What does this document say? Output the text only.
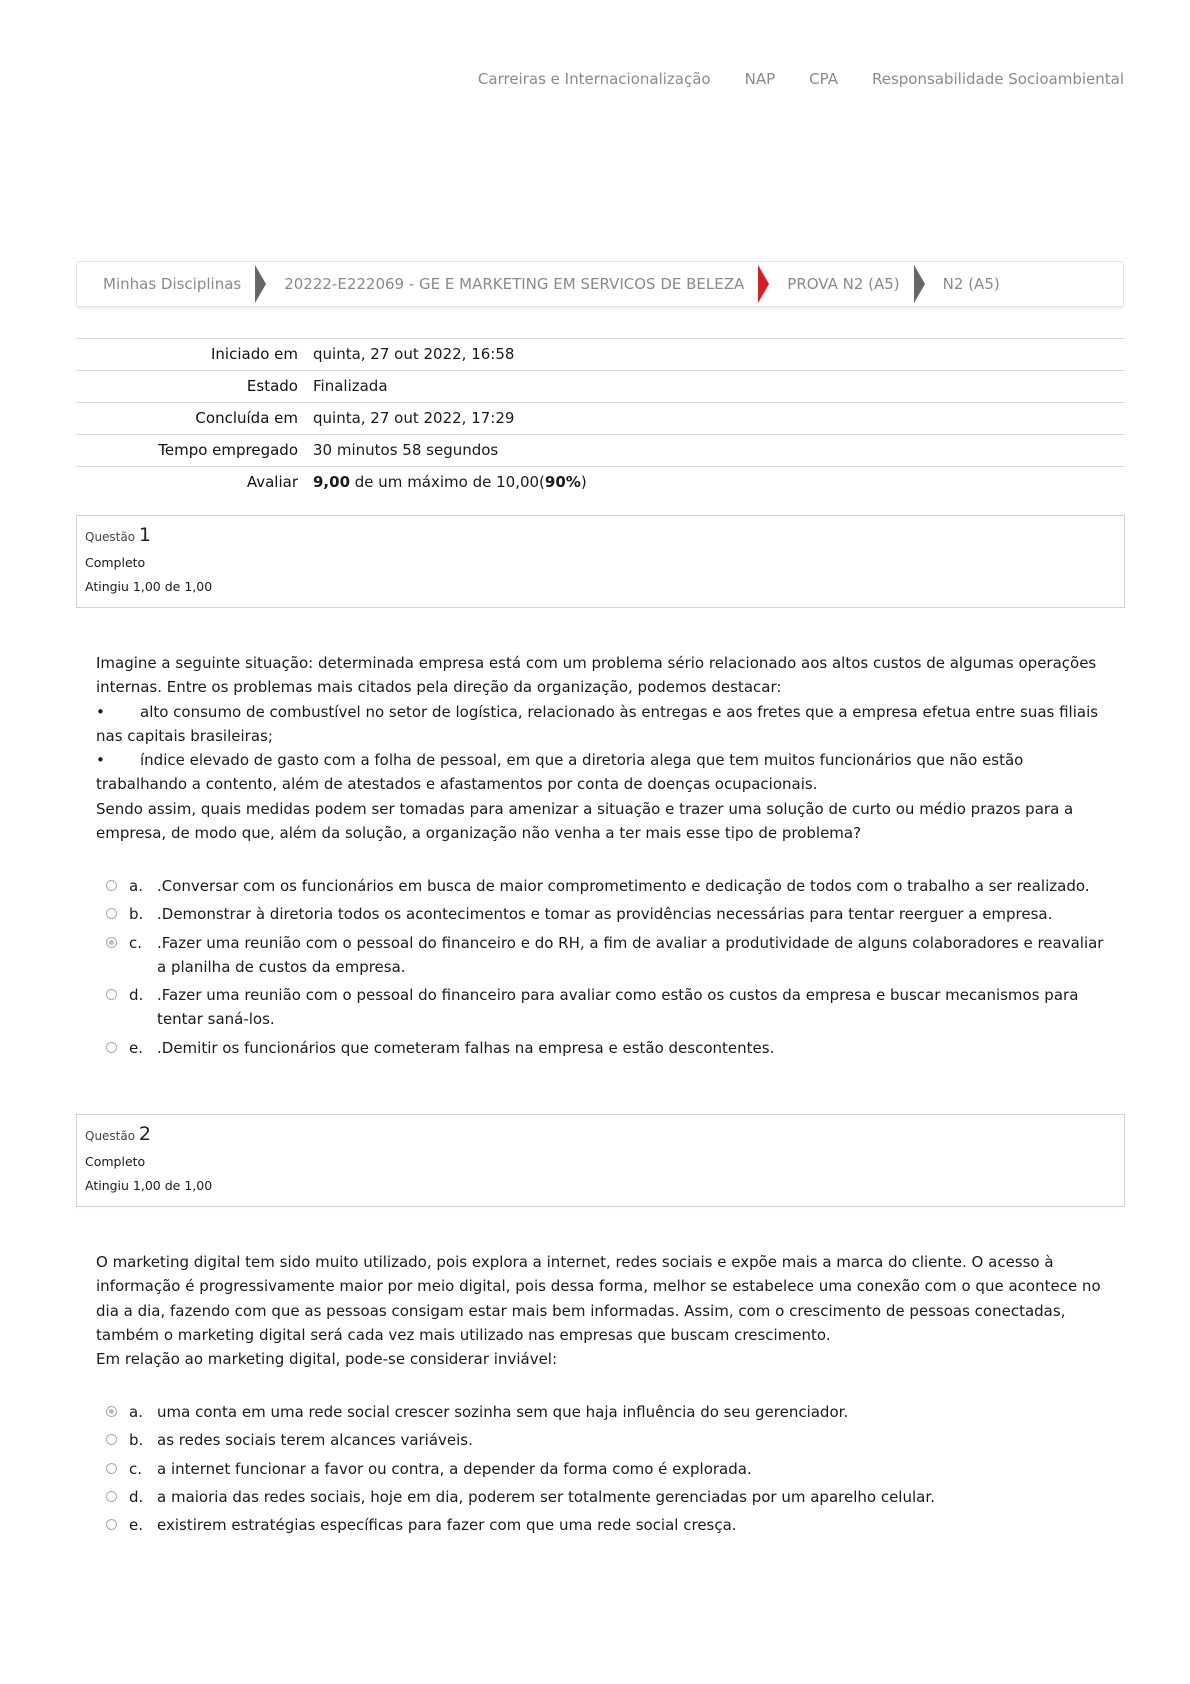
Carreiras e Internacionalização NAP CPA Responsabilidade Socioambiental
Minhas Disciplinas	20222-E222069 - GE E MARKETING EM SERVICOS DE BELEZA	PROVA N2 (A5)	N2 (A5)
Iniciado em	quinta, 27 out 2022, 16:58
Estado	Finalizada
Concluída em	quinta, 27 out 2022, 17:29
Tempo empregado	30 minutos 58 segundos
Avaliar	9,00 de um máximo de 10,00(90%)
Questão 1
Completo
Atingiu 1,00 de 1,00

Imagine a seguinte situação: determinada empresa está com um problema sério relacionado aos altos custos de algumas operações internas. Entre os problemas mais citados pela direção da organização, podemos destacar:

• alto consumo de combustível no setor de logística, relacionado às entregas e aos fretes que a empresa efetua entre suas filiais nas capitais brasileiras;

• índice elevado de gasto com a folha de pessoal, em que a diretoria alega que tem muitos funcionários que não estão trabalhando a contento, além de atestados e afastamentos por conta de doenças ocupacionais.

Sendo assim, quais medidas podem ser tomadas para amenizar a situação e trazer uma solução de curto ou médio prazos para a empresa, de modo que, além da solução, a organização não venha a ter mais esse tipo de problema?

a. .Conversar com os funcionários em busca de maior comprometimento e dedicação de todos com o trabalho a ser realizado.
b. .Demonstrar à diretoria todos os acontecimentos e tomar as providências necessárias para tentar reerguer a empresa.
c. .Fazer uma reunião com o pessoal do financeiro e do RH, a fim de avaliar a produtividade de alguns colaboradores e reavaliar a planilha de custos da empresa.
d. .Fazer uma reunião com o pessoal do financeiro para avaliar como estão os custos da empresa e buscar mecanismos para tentar saná-los.
e. .Demitir os funcionários que cometeram falhas na empresa e estão descontentes.
Questão 2
Completo
Atingiu 1,00 de 1,00

O marketing digital tem sido muito utilizado, pois explora a internet, redes sociais e expõe mais a marca do cliente. O acesso à informação é progressivamente maior por meio digital, pois dessa forma, melhor se estabelece uma conexão com o que acontece no dia a dia, fazendo com que as pessoas consigam estar mais bem informadas. Assim, com o crescimento de pessoas conectadas, também o marketing digital será cada vez mais utilizado nas empresas que buscam crescimento.

Em relação ao marketing digital, pode-se considerar inviável:

a. uma conta em uma rede social crescer sozinha sem que haja influência do seu gerenciador.
b. as redes sociais terem alcances variáveis.
c. a internet funcionar a favor ou contra, a depender da forma como é explorada.
d. a maioria das redes sociais, hoje em dia, poderem ser totalmente gerenciadas por um aparelho celular.
e. existirem estratégias específicas para fazer com que uma rede social cresça.
